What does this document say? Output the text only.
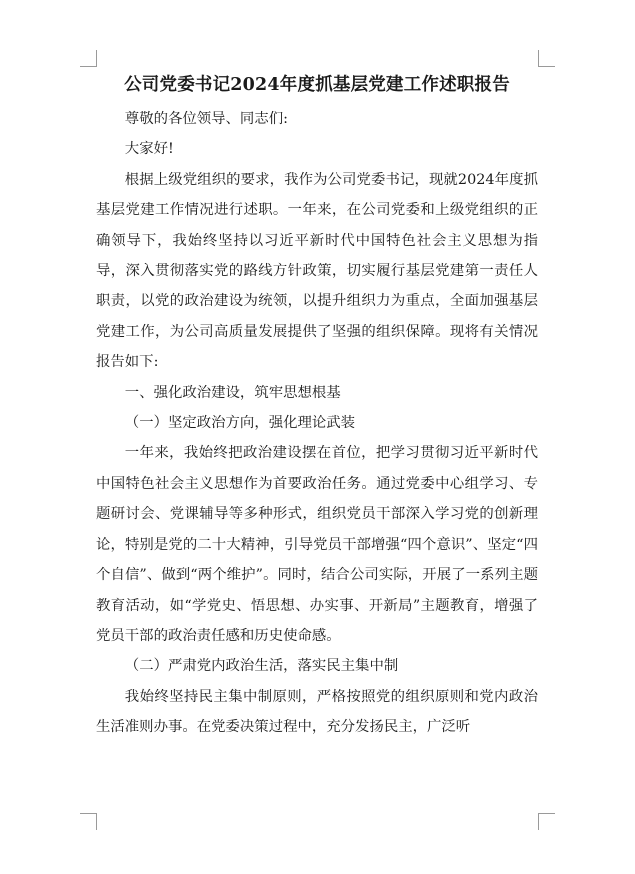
公司党委书记2024年度抓基层党建工作述职报告

尊敬的各位领导、同志们:

大家好!

根据上级党组织的要求，我作为公司党委书记，现就2024年度抓基层党建工作情况进行述职。一年来，在公司党委和上级党组织的正确领导下，我始终坚持以习近平新时代中国特色社会主义思想为指导，深入贯彻落实党的路线方针政策，切实履行基层党建第一责任人职责，以党的政治建设为统领，以提升组织力为重点，全面加强基层党建工作，为公司高质量发展提供了坚强的组织保障。现将有关情况报告如下:

一、强化政治建设，筑牢思想根基

（一）坚定政治方向，强化理论武装

一年来，我始终把政治建设摆在首位，把学习贯彻习近平新时代中国特色社会主义思想作为首要政治任务。通过党委中心组学习、专题研讨会、党课辅导等多种形式，组织党员干部深入学习党的创新理论，特别是党的二十大精神，引导党员干部增强“四个意识”、坚定“四个自信”、做到“两个维护”。同时，结合公司实际，开展了一系列主题教育活动，如“学党史、悟思想、办实事、开新局”主题教育，增强了党员干部的政治责任感和历史使命感。

（二）严肃党内政治生活，落实民主集中制

我始终坚持民主集中制原则，严格按照党的组织原则和党内政治生活准则办事。在党委决策过程中，充分发扬民主，广泛听
